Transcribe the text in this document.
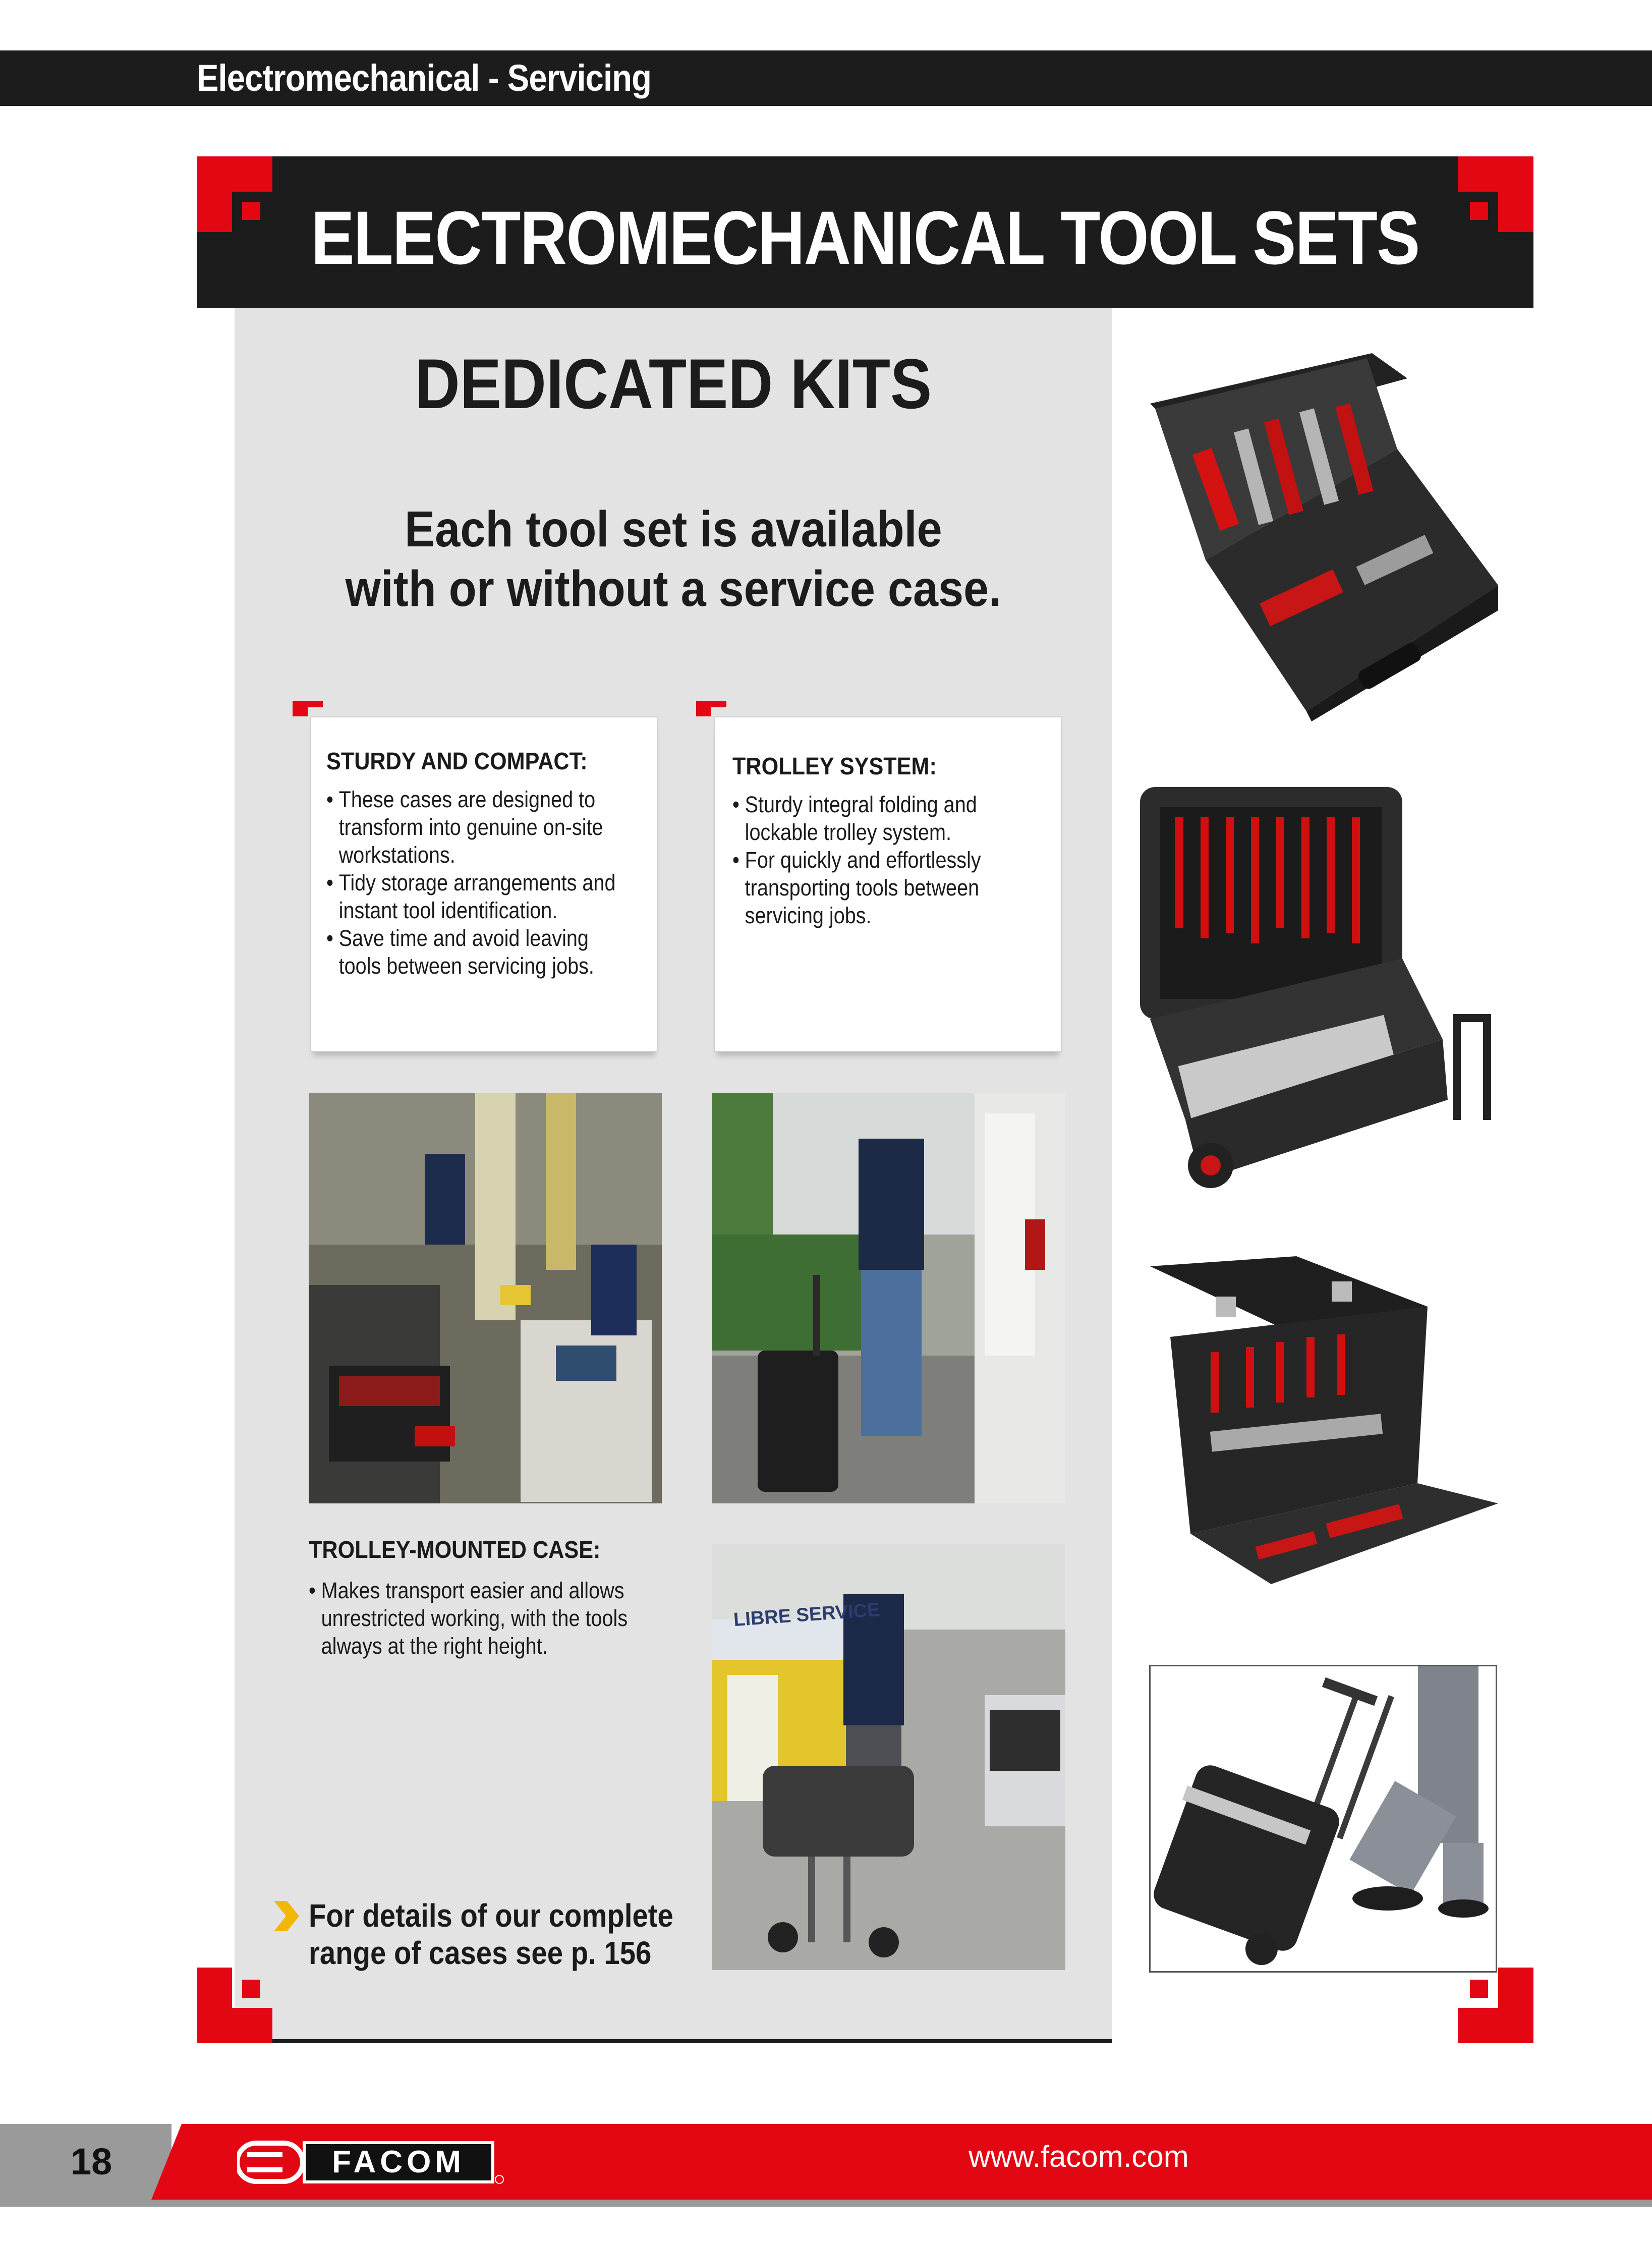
Electromechanical - Servicing
ELECTROMECHANICAL TOOL SETS
DEDICATED KITS
Each tool set is available
with or without a service case.
STURDY AND COMPACT:
• These cases are designed to
transform into genuine on-site
workstations.
• Tidy storage arrangements and
instant tool identification.
• Save time and avoid leaving
tools between servicing jobs.
TROLLEY SYSTEM:
• Sturdy integral folding and
lockable trolley system.
• For quickly and effortlessly
transporting tools between
servicing jobs.
LIBRE SERVICE
TROLLEY-MOUNTED CASE:
• Makes transport easier and allows
unrestricted working, with the tools
always at the right height.
For details of our complete
range of cases see p. 156
18	FACOM	www.facom.com
